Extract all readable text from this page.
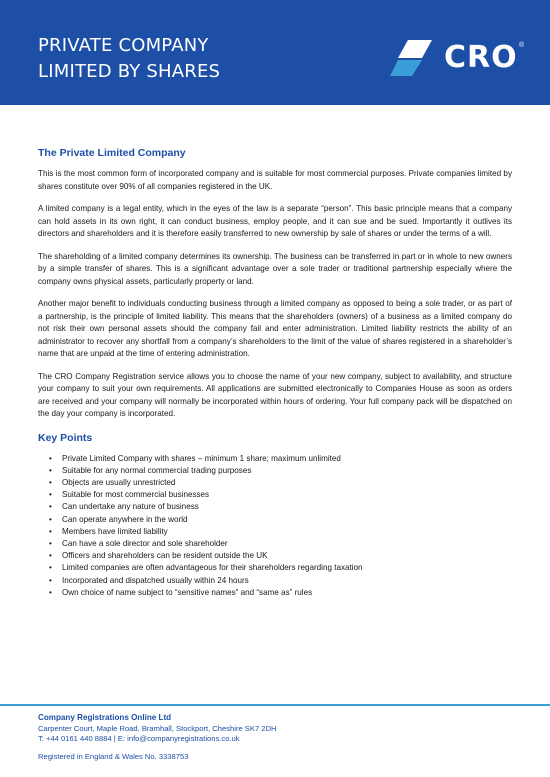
PRIVATE COMPANY
LIMITED BY SHARES	CRO ®
The Private Limited Company

This is the most common form of incorporated company and is suitable for most commercial purposes. Private companies limited by shares constitute over 90% of all companies registered in the UK.

A limited company is a legal entity, which in the eyes of the law is a separate “person”. This basic principle means that a company can hold assets in its own right, it can conduct business, employ people, and it can sue and be sued. Importantly it outlives its directors and shareholders and it is therefore easily transferred to new ownership by sale of shares or under the terms of a will.

The shareholding of a limited company determines its ownership. The business can be transferred in part or in whole to new owners by a simple transfer of shares. This is a significant advantage over a sole trader or traditional partnership especially where the company owns physical assets, particularly property or land.

Another major benefit to individuals conducting business through a limited company as opposed to being a sole trader, or as part of a partnership, is the principle of limited liability. This means that the shareholders (owners) of a business as a limited company do not risk their own personal assets should the company fail and enter administration. Limited liability restricts the ability of an administrator to recover any shortfall from a company’s shareholders to the limit of the value of shares registered in a shareholder’s name that are unpaid at the time of entering administration.

The CRO Company Registration service allows you to choose the name of your new company, subject to availability, and structure your company to suit your own requirements. All applications are submitted electronically to Companies House as soon as orders are received and your company will normally be incorporated within hours of ordering. Your full company pack will be dispatched on the day your company is incorporated.

Key Points
• Private Limited Company with shares – minimum 1 share; maximum unlimited
• Suitable for any normal commercial trading purposes
• Objects are usually unrestricted
• Suitable for most commercial businesses
• Can undertake any nature of business
• Can operate anywhere in the world
• Members have limited liability
• Can have a sole director and sole shareholder
• Officers and shareholders can be resident outside the UK
• Limited companies are often advantageous for their shareholders regarding taxation
• Incorporated and dispatched usually within 24 hours
• Own choice of name subject to “sensitive names” and “same as” rules
Company Registrations Online Ltd
Carpenter Court, Maple Road, Bramhall, Stockport, Cheshire SK7 2DH
T: +44 0161 440 8884 | E: info@companyregistrations.co.uk
Registered in England & Wales No. 3338753
